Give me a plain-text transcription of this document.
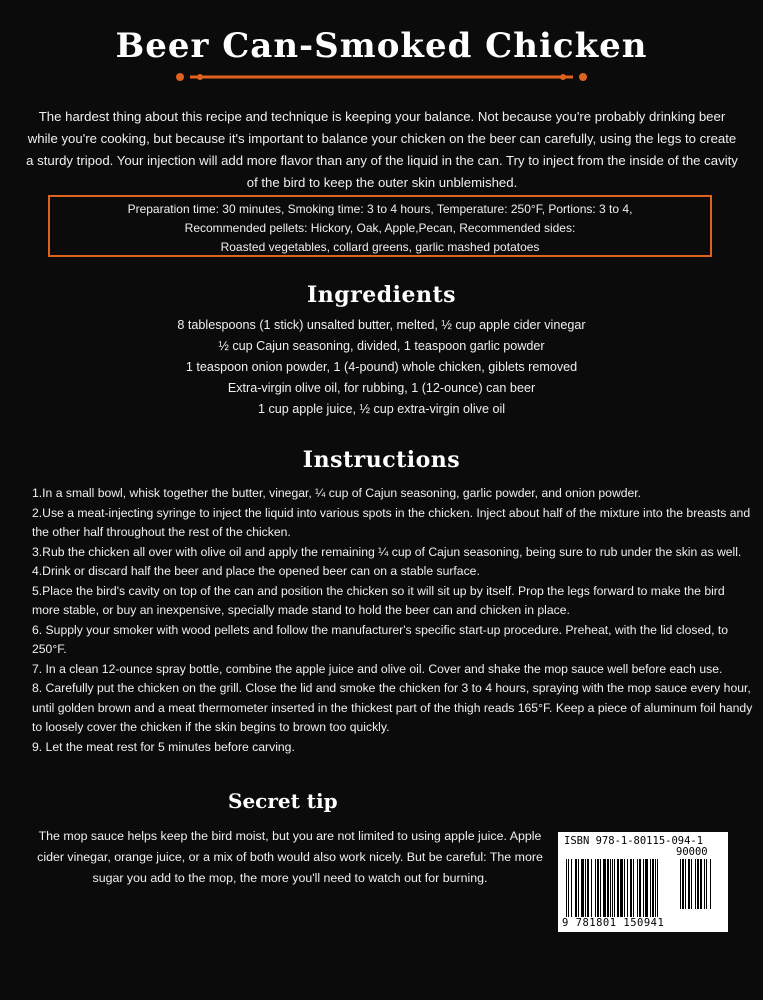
Beer Can-Smoked Chicken
The hardest thing about this recipe and technique is keeping your balance. Not because you're probably drinking beer while you're cooking, but because it's important to balance your chicken on the beer can carefully, using the legs to create a sturdy tripod. Your injection will add more flavor than any of the liquid in the can. Try to inject from the inside of the cavity of the bird to keep the outer skin unblemished.
Preparation time: 30 minutes, Smoking time: 3 to 4 hours, Temperature: 250°F, Portions: 3 to 4,
Recommended pellets: Hickory, Oak, Apple,Pecan, Recommended sides:
Roasted vegetables, collard greens, garlic mashed potatoes
Ingredients
8 tablespoons (1 stick) unsalted butter, melted, ½ cup apple cider vinegar
½ cup Cajun seasoning, divided, 1 teaspoon garlic powder
1 teaspoon onion powder, 1 (4-pound) whole chicken, giblets removed
Extra-virgin olive oil, for rubbing, 1 (12-ounce) can beer
1 cup apple juice, ½ cup extra-virgin olive oil
Instructions
1.In a small bowl, whisk together the butter, vinegar, ¼ cup of Cajun seasoning, garlic powder, and onion powder.
2.Use a meat-injecting syringe to inject the liquid into various spots in the chicken. Inject about half of the mixture into the breasts and the other half throughout the rest of the chicken.
3.Rub the chicken all over with olive oil and apply the remaining ¼ cup of Cajun seasoning, being sure to rub under the skin as well.
4.Drink or discard half the beer and place the opened beer can on a stable surface.
5.Place the bird's cavity on top of the can and position the chicken so it will sit up by itself. Prop the legs forward to make the bird more stable, or buy an inexpensive, specially made stand to hold the beer can and chicken in place.
6. Supply your smoker with wood pellets and follow the manufacturer's specific start-up procedure. Preheat, with the lid closed, to 250°F.
7. In a clean 12-ounce spray bottle, combine the apple juice and olive oil. Cover and shake the mop sauce well before each use.
8. Carefully put the chicken on the grill. Close the lid and smoke the chicken for 3 to 4 hours, spraying with the mop sauce every hour, until golden brown and a meat thermometer inserted in the thickest part of the thigh reads 165°F. Keep a piece of aluminum foil handy to loosely cover the chicken if the skin begins to brown too quickly.
9. Let the meat rest for 5 minutes before carving.
Secret tip
The mop sauce helps keep the bird moist, but you are not limited to using apple juice. Apple cider vinegar, orange juice, or a mix of both would also work nicely. But be careful: The more sugar you add to the mop, the more you'll need to watch out for burning.
ISBN 978-1-80115-094-1
90000
9 781801 150941
